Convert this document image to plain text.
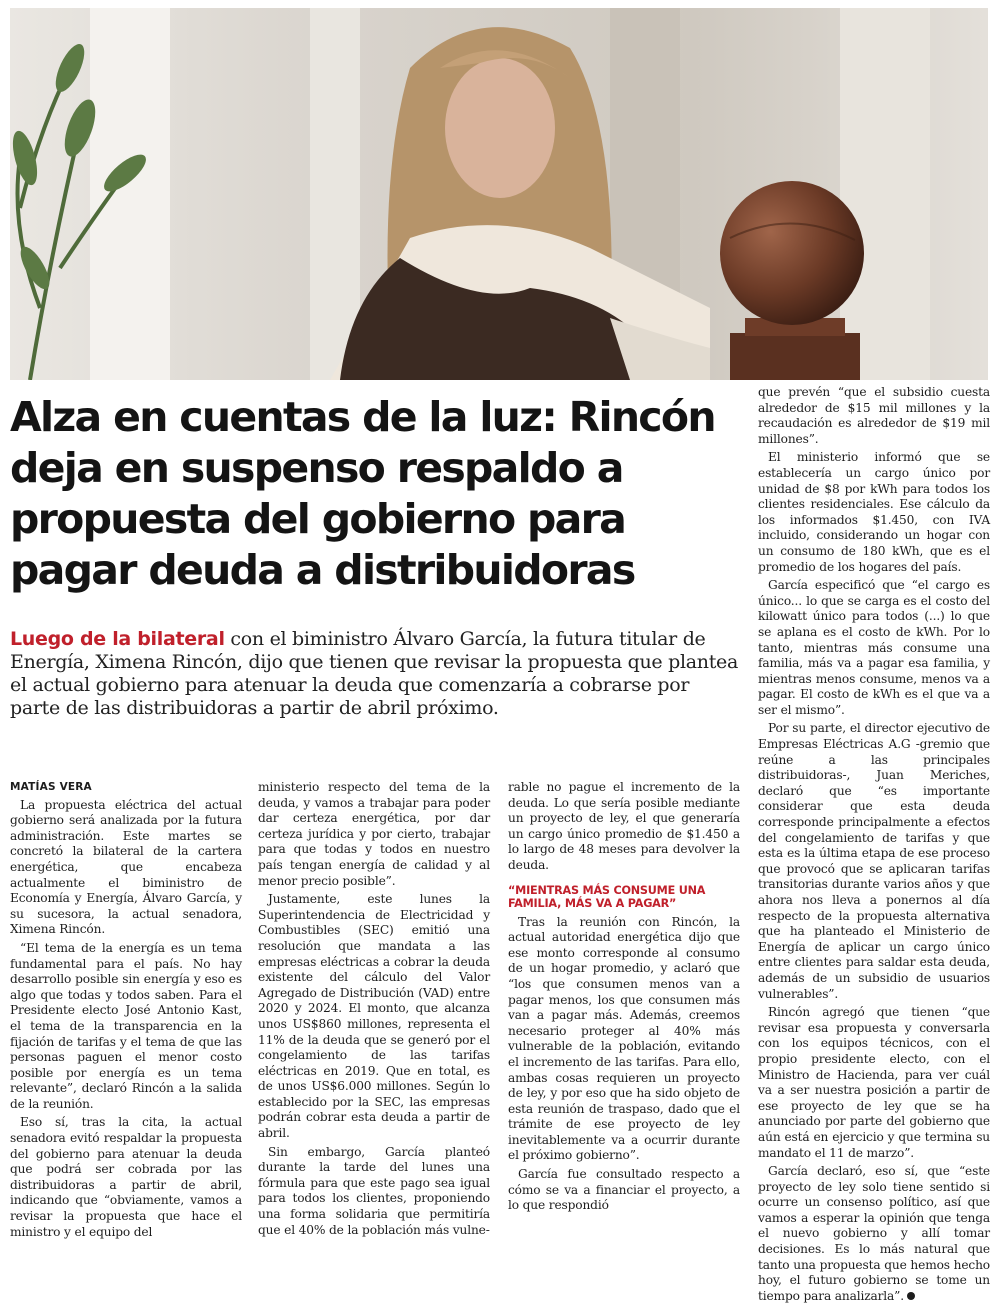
Alza en cuentas de la luz: Rincón deja en suspenso respaldo a propuesta del gobierno para pagar deuda a distribuidoras

Luego de la bilateral con el biministro Álvaro García, la futura titular de Energía, Ximena Rincón, dijo que tienen que revisar la propuesta que plantea el actual gobierno para atenuar la deuda que comenzaría a cobrarse por parte de las distribuidoras a partir de abril próximo.

MATÍAS VERA

La propuesta eléctrica del actual gobierno será analizada por la futura administración. Este martes se concretó la bilateral de la cartera energética, que encabeza actualmente el biministro de Economía y Energía, Álvaro García, y su sucesora, la actual senadora, Ximena Rincón.

“El tema de la energía es un tema fundamental para el país. No hay desarrollo posible sin energía y eso es algo que todas y todos saben. Para el Presidente electo José Antonio Kast, el tema de la transparencia en la fijación de tarifas y el tema de que las personas paguen el menor costo posible por energía es un tema relevante”, declaró Rincón a la salida de la reunión.

Eso sí, tras la cita, la actual senadora evitó respaldar la propuesta del gobierno para atenuar la deuda que podrá ser cobrada por las distribuidoras a partir de abril, indicando que “obviamente, vamos a revisar la propuesta que hace el ministro y el equipo del

ministerio respecto del tema de la deuda, y vamos a trabajar para poder dar certeza energética, por dar certeza jurídica y por cierto, trabajar para que todas y todos en nuestro país tengan energía de calidad y al menor precio posible”.

Justamente, este lunes la Superintendencia de Electricidad y Combustibles (SEC) emitió una resolución que mandata a las empresas eléctricas a cobrar la deuda existente del cálculo del Valor Agregado de Distribución (VAD) entre 2020 y 2024. El monto, que alcanza unos US$860 millones, representa el 11% de la deuda que se generó por el congelamiento de las tarifas eléctricas en 2019. Que en total, es de unos US$6.000 millones. Según lo establecido por la SEC, las empresas podrán cobrar esta deuda a partir de abril.

Sin embargo, García planteó durante la tarde del lunes una fórmula para que este pago sea igual para todos los clientes, proponiendo una forma solidaria que permitiría que el 40% de la población más vulne-

rable no pague el incremento de la deuda. Lo que sería posible mediante un proyecto de ley, el que generaría un cargo único promedio de $1.450 a lo largo de 48 meses para devolver la deuda.

“MIENTRAS MÁS CONSUME UNA FAMILIA, MÁS VA A PAGAR”

Tras la reunión con Rincón, la actual autoridad energética dijo que ese monto corresponde al consumo de un hogar promedio, y aclaró que “los que consumen menos van a pagar menos, los que consumen más van a pagar más. Además, creemos necesario proteger al 40% más vulnerable de la población, evitando el incremento de las tarifas. Para ello, ambas cosas requieren un proyecto de ley, y por eso que ha sido objeto de esta reunión de traspaso, dado que el trámite de ese proyecto de ley inevitablemente va a ocurrir durante el próximo gobierno”.

García fue consultado respecto a cómo se va a financiar el proyecto, a lo que respondió

que prevén “que el subsidio cuesta alrededor de $15 mil millones y la recaudación es alrededor de $19 mil millones”.

El ministerio informó que se establecería un cargo único por unidad de $8 por kWh para todos los clientes residenciales. Ese cálculo da los informados $1.450, con IVA incluido, considerando un hogar con un consumo de 180 kWh, que es el promedio de los hogares del país.

García especificó que “el cargo es único... lo que se carga es el costo del kilowatt único para todos (...) lo que se aplana es el costo de kWh. Por lo tanto, mientras más consume una familia, más va a pagar esa familia, y mientras menos consume, menos va a pagar. El costo de kWh es el que va a ser el mismo”.

Por su parte, el director ejecutivo de Empresas Eléctricas A.G -gremio que reúne a las principales distribuidoras-, Juan Meriches, declaró que “es importante considerar que esta deuda corresponde principalmente a efectos del congelamiento de tarifas y que esta es la última etapa de ese proceso que provocó que se aplicaran tarifas transitorias durante varios años y que ahora nos lleva a ponernos al día respecto de la propuesta alternativa que ha planteado el Ministerio de Energía de aplicar un cargo único entre clientes para saldar esta deuda, además de un subsidio de usuarios vulnerables”.

Rincón agregó que tienen “que revisar esa propuesta y conversarla con los equipos técnicos, con el propio presidente electo, con el Ministro de Hacienda, para ver cuál va a ser nuestra posición a partir de ese proyecto de ley que se ha anunciado por parte del gobierno que aún está en ejercicio y que termina su mandato el 11 de marzo”.

García declaró, eso sí, que “este proyecto de ley solo tiene sentido si ocurre un consenso político, así que vamos a esperar la opinión que tenga el nuevo gobierno y allí tomar decisiones. Es lo más natural que tanto una propuesta que hemos hecho hoy, el futuro gobierno se tome un tiempo para analizarla”.
